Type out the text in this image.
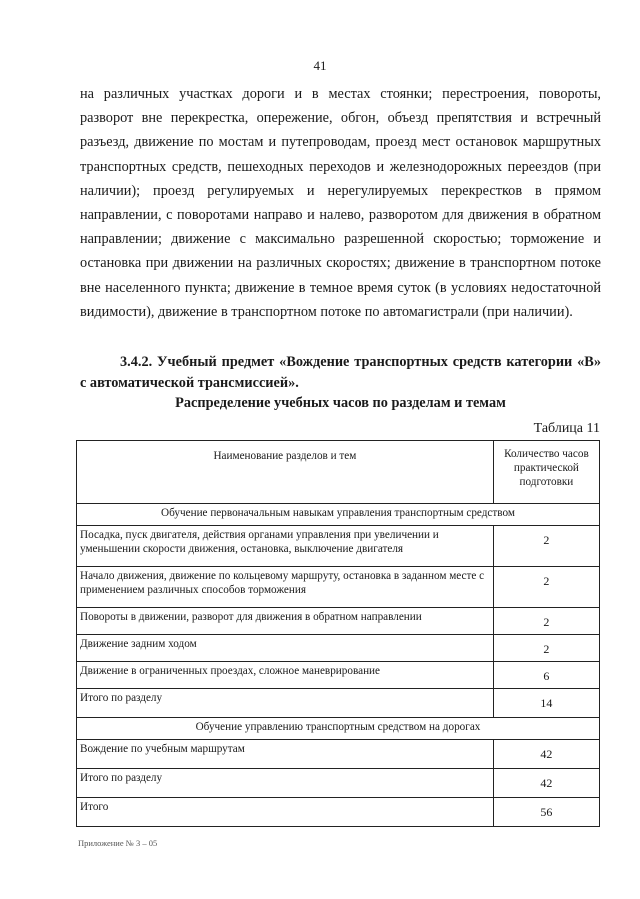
41

на различных участках дороги и в местах стоянки; перестроения, повороты, разворот вне перекрестка, опережение, обгон, объезд препятствия и встречный разъезд, движение по мостам и путепроводам, проезд мест остановок маршрутных транспортных средств, пешеходных переходов и железнодорожных переездов (при наличии); проезд регулируемых и нерегулируемых перекрестков в прямом направлении, с поворотами направо и налево, разворотом для движения в обратном направлении; движение с максимально разрешенной скоростью; торможение и остановка при движении на различных скоростях; движение в транспортном потоке вне населенного пункта; движение в темное время суток (в условиях недостаточной видимости), движение в транспортном потоке по автомагистрали (при наличии).

3.4.2. Учебный предмет «Вождение транспортных средств категории «В» с автоматической трансмиссией».

Распределение учебных часов по разделам и темам
Таблица 11
Наименование разделов и тем	Количество часов практической подготовки
Обучение первоначальным навыкам управления транспортным средством	
Посадка, пуск двигателя, действия органами управления при увеличении и уменьшении скорости движения, остановка, выключение двигателя	2
Начало движения, движение по кольцевому маршруту, остановка в заданном месте с применением различных способов торможения	2
Повороты в движении, разворот для движения в обратном направлении	2
Движение задним ходом	2
Движение в ограниченных проездах, сложное маневрирование	6
Итого по разделу	14
Обучение управлению транспортным средством на дорогах	
Вождение по учебным маршрутам	42
Итого по разделу	42
Итого	56
Приложение № 3 – 05
